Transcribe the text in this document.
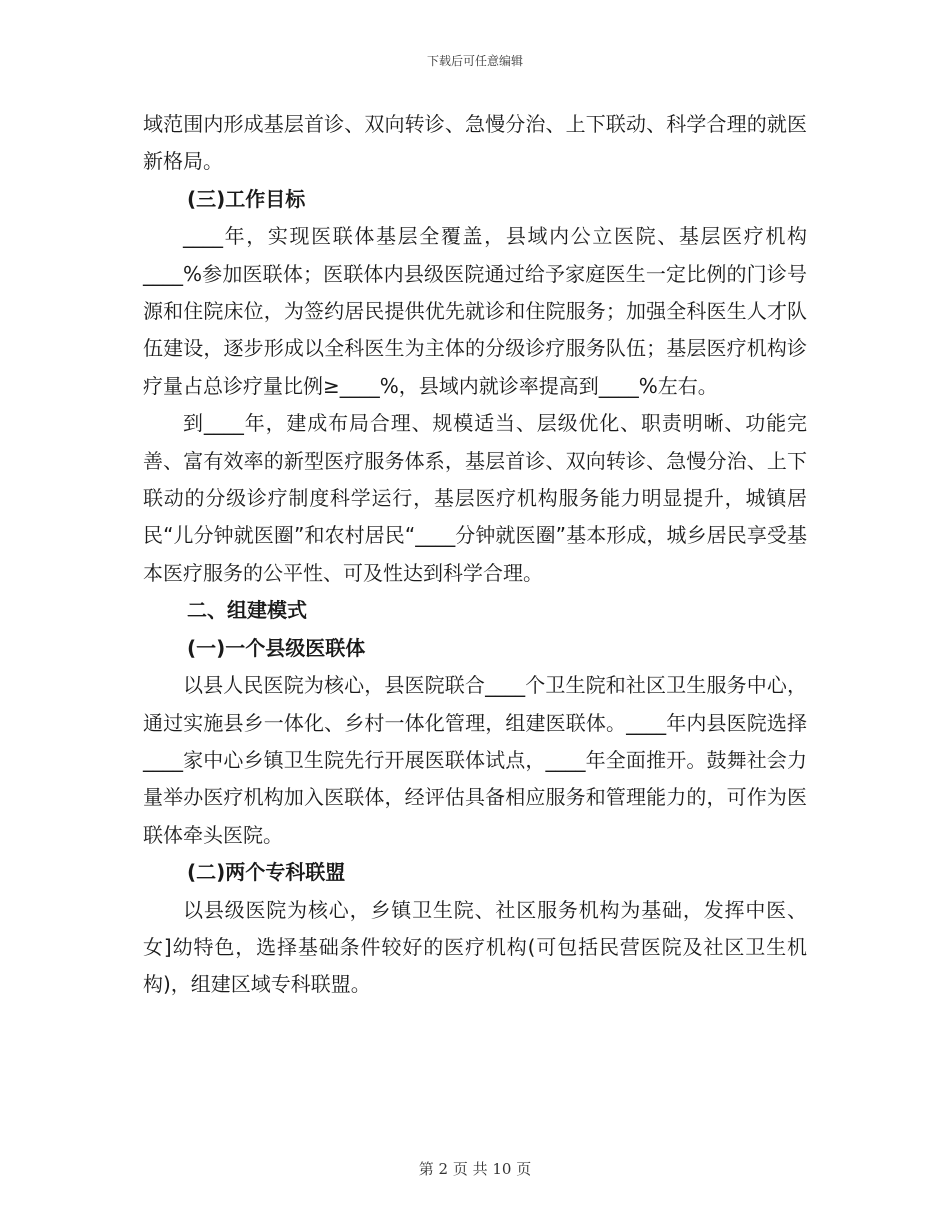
下载后可任意编辑

域范围内形成基层首诊、双向转诊、急慢分治、上下联动、科学合理的就医新格局。

(三)工作目标

____年，实现医联体基层全覆盖，县域内公立医院、基层医疗机构____%参加医联体；医联体内县级医院通过给予家庭医生一定比例的门诊号源和住院床位，为签约居民提供优先就诊和住院服务；加强全科医生人才队伍建设，逐步形成以全科医生为主体的分级诊疗服务队伍；基层医疗机构诊疗量占总诊疗量比例≥____%，县域内就诊率提高到____%左右。

到____年，建成布局合理、规模适当、层级优化、职责明晰、功能完善、富有效率的新型医疗服务体系，基层首诊、双向转诊、急慢分治、上下联动的分级诊疗制度科学运行，基层医疗机构服务能力明显提升，城镇居民“儿分钟就医圈”和农村居民“____分钟就医圈”基本形成，城乡居民享受基本医疗服务的公平性、可及性达到科学合理。

二、组建模式

(一)一个县级医联体

以县人民医院为核心，县医院联合____个卫生院和社区卫生服务中心，通过实施县乡一体化、乡村一体化管理，组建医联体。____年内县医院选择____家中心乡镇卫生院先行开展医联体试点，____年全面推开。鼓舞社会力量举办医疗机构加入医联体，经评估具备相应服务和管理能力的，可作为医联体牵头医院。

(二)两个专科联盟

以县级医院为核心，乡镇卫生院、社区服务机构为基础，发挥中医、女]幼特色，选择基础条件较好的医疗机构(可包括民营医院及社区卫生机构)，组建区域专科联盟。

第 2 页 共 10 页
